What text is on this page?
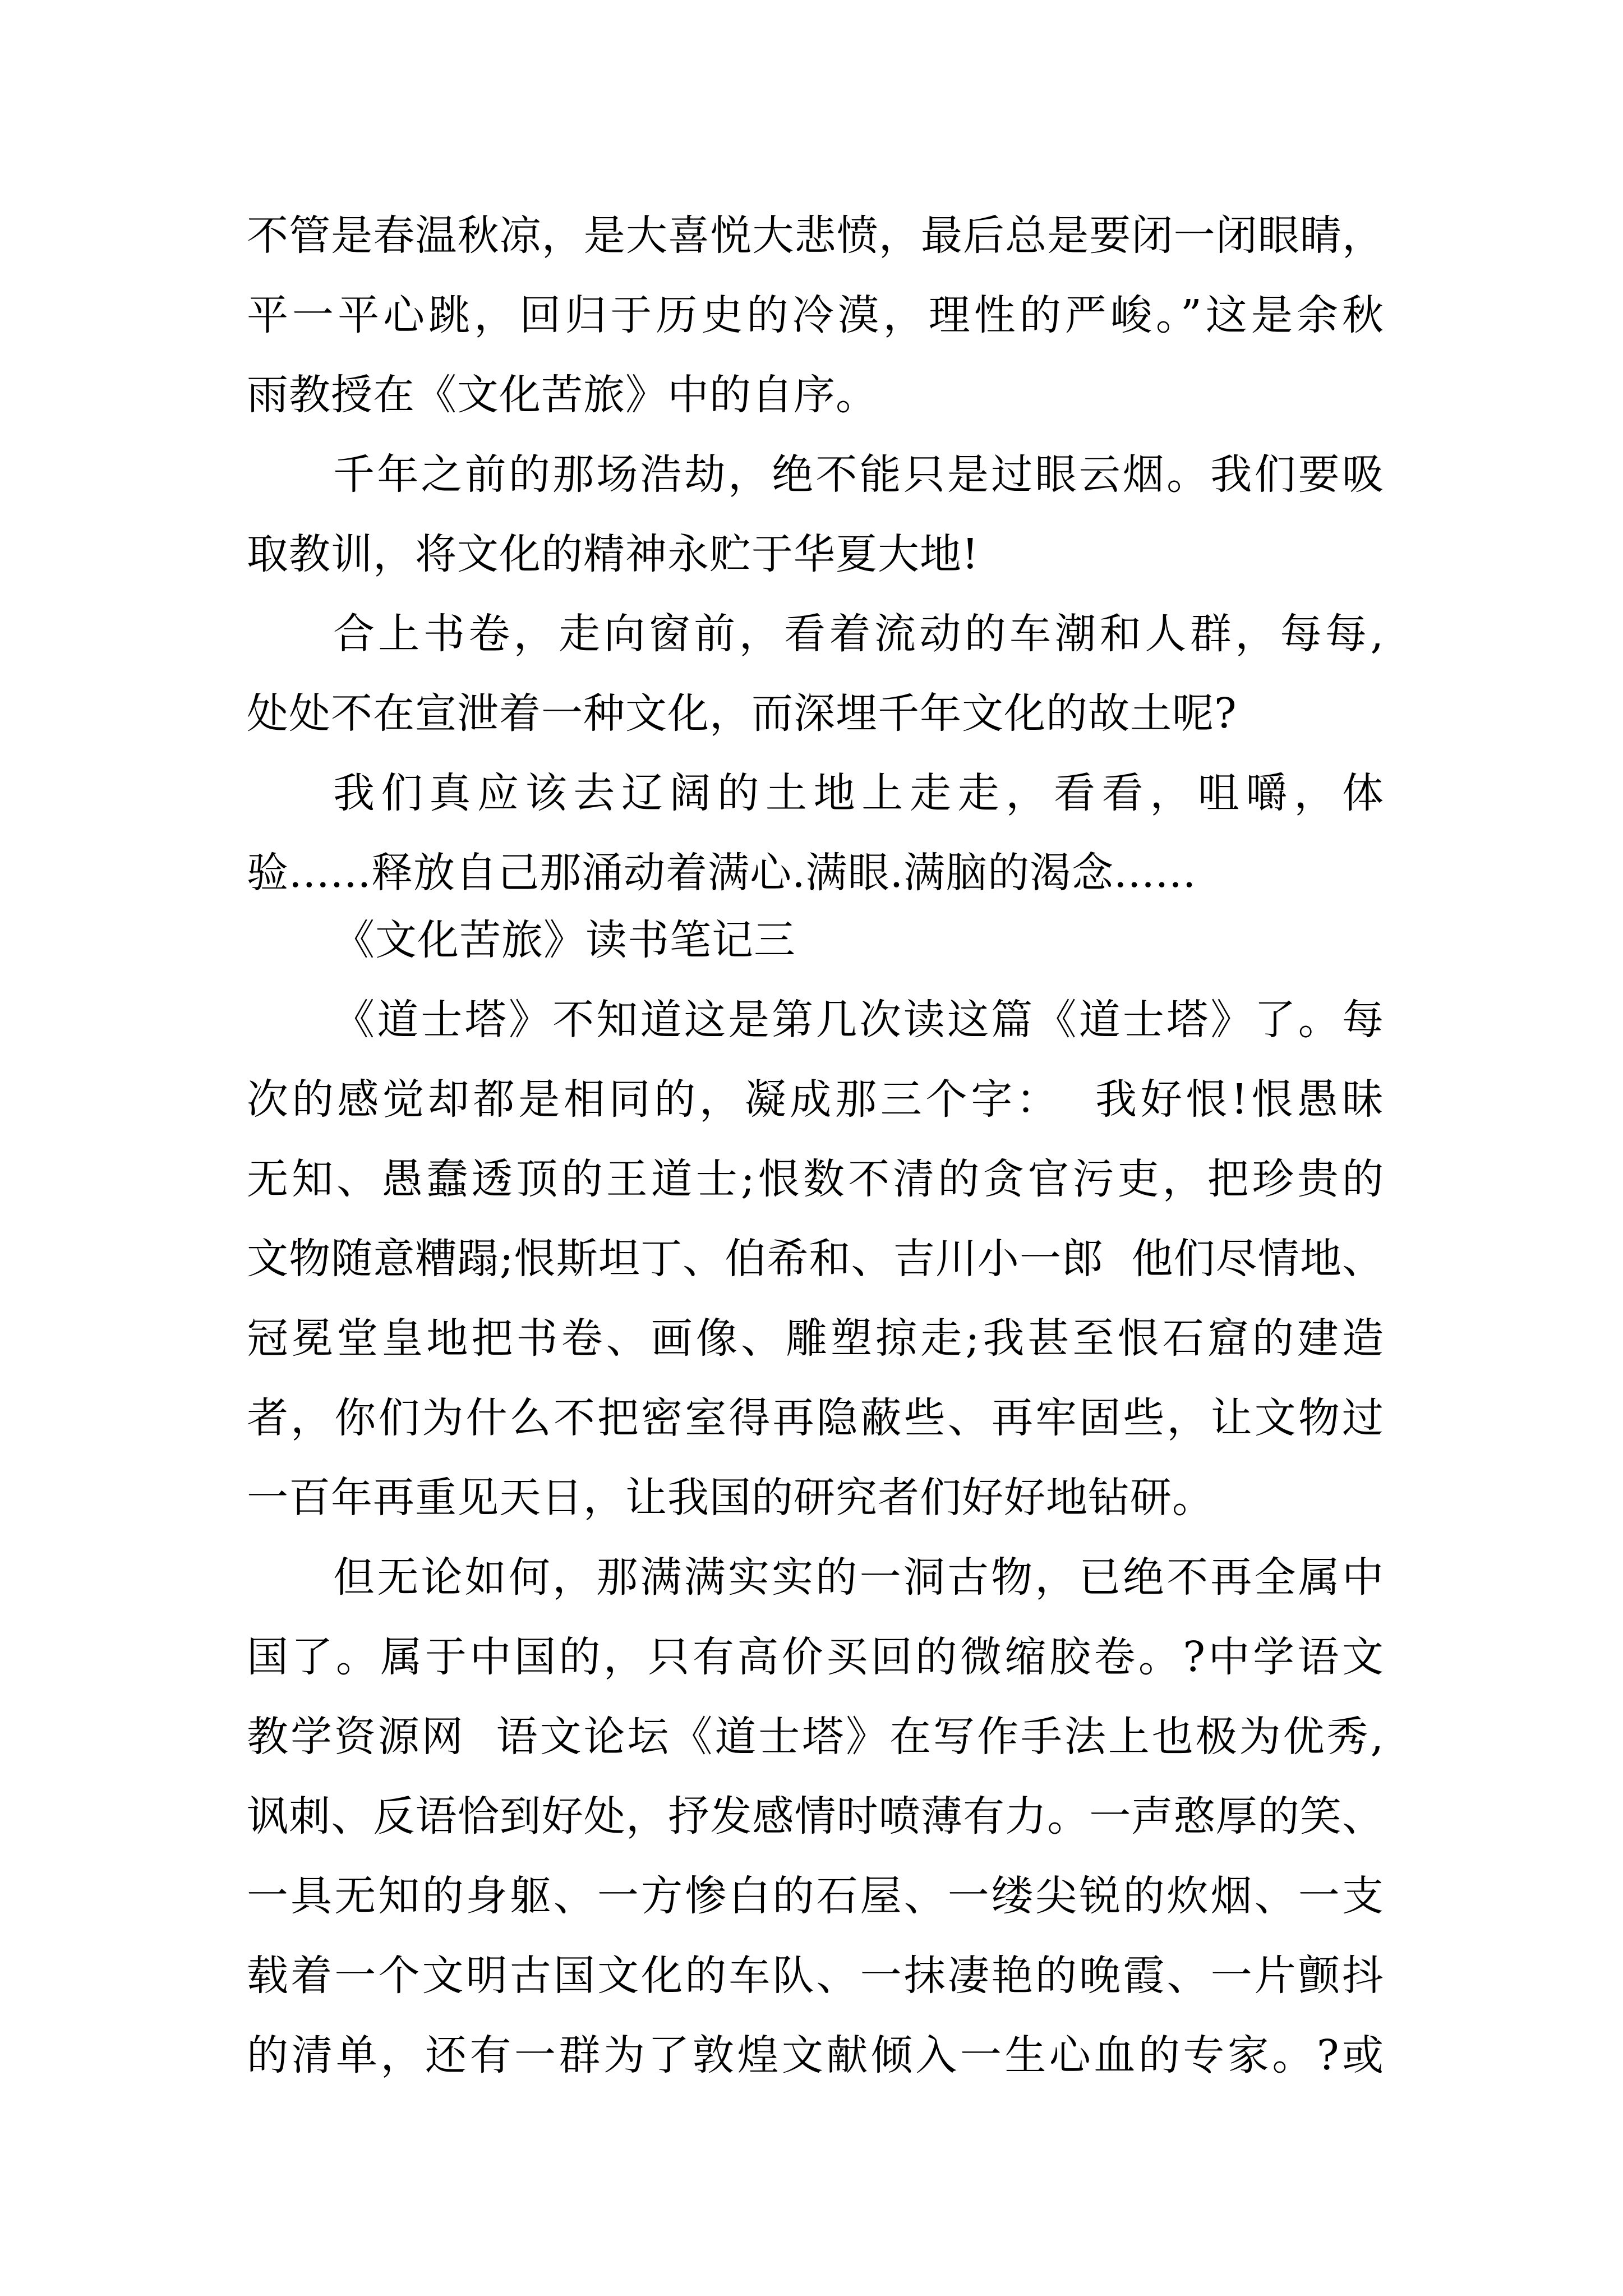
不管是春温秋凉，是大喜悦大悲愤，最后总是要闭一闭眼睛，
平一平心跳，回归于历史的冷漠，理性的严峻。”这是余秋
雨教授在《文化苦旅》中的自序。
千年之前的那场浩劫，绝不能只是过眼云烟。我们要吸
取教训，将文化的精神永贮于华夏大地!
合上书卷，走向窗前，看着流动的车潮和人群，每每,
处处不在宣泄着一种文化，而深埋千年文化的故土呢?
我们真应该去辽阔的土地上走走，看看，咀嚼，体
验......释放自己那涌动着满心.满眼.满脑的渴念......
《文化苦旅》读书笔记三
《道士塔》不知道这是第几次读这篇《道士塔》了。每
次的感觉却都是相同的，凝成那三个字：  我好恨!恨愚昧
无知、愚蠢透顶的王道士;恨数不清的贪官污吏，把珍贵的
文物随意糟蹋;恨斯坦丁、伯希和、吉川小一郎  他们尽情地、
冠冕堂皇地把书卷、画像、雕塑掠走;我甚至恨石窟的建造
者，你们为什么不把密室得再隐蔽些、再牢固些，让文物过
一百年再重见天日，让我国的研究者们好好地钻研。
但无论如何，那满满实实的一洞古物，已绝不再全属中
国了。属于中国的，只有高价买回的微缩胶卷。?中学语文
教学资源网  语文论坛《道士塔》在写作手法上也极为优秀,
讽刺、反语恰到好处，抒发感情时喷薄有力。一声憨厚的笑、
一具无知的身躯、一方惨白的石屋、一缕尖锐的炊烟、一支
载着一个文明古国文化的车队、一抹凄艳的晚霞、一片颤抖
的清单，还有一群为了敦煌文献倾入一生心血的专家。?或
